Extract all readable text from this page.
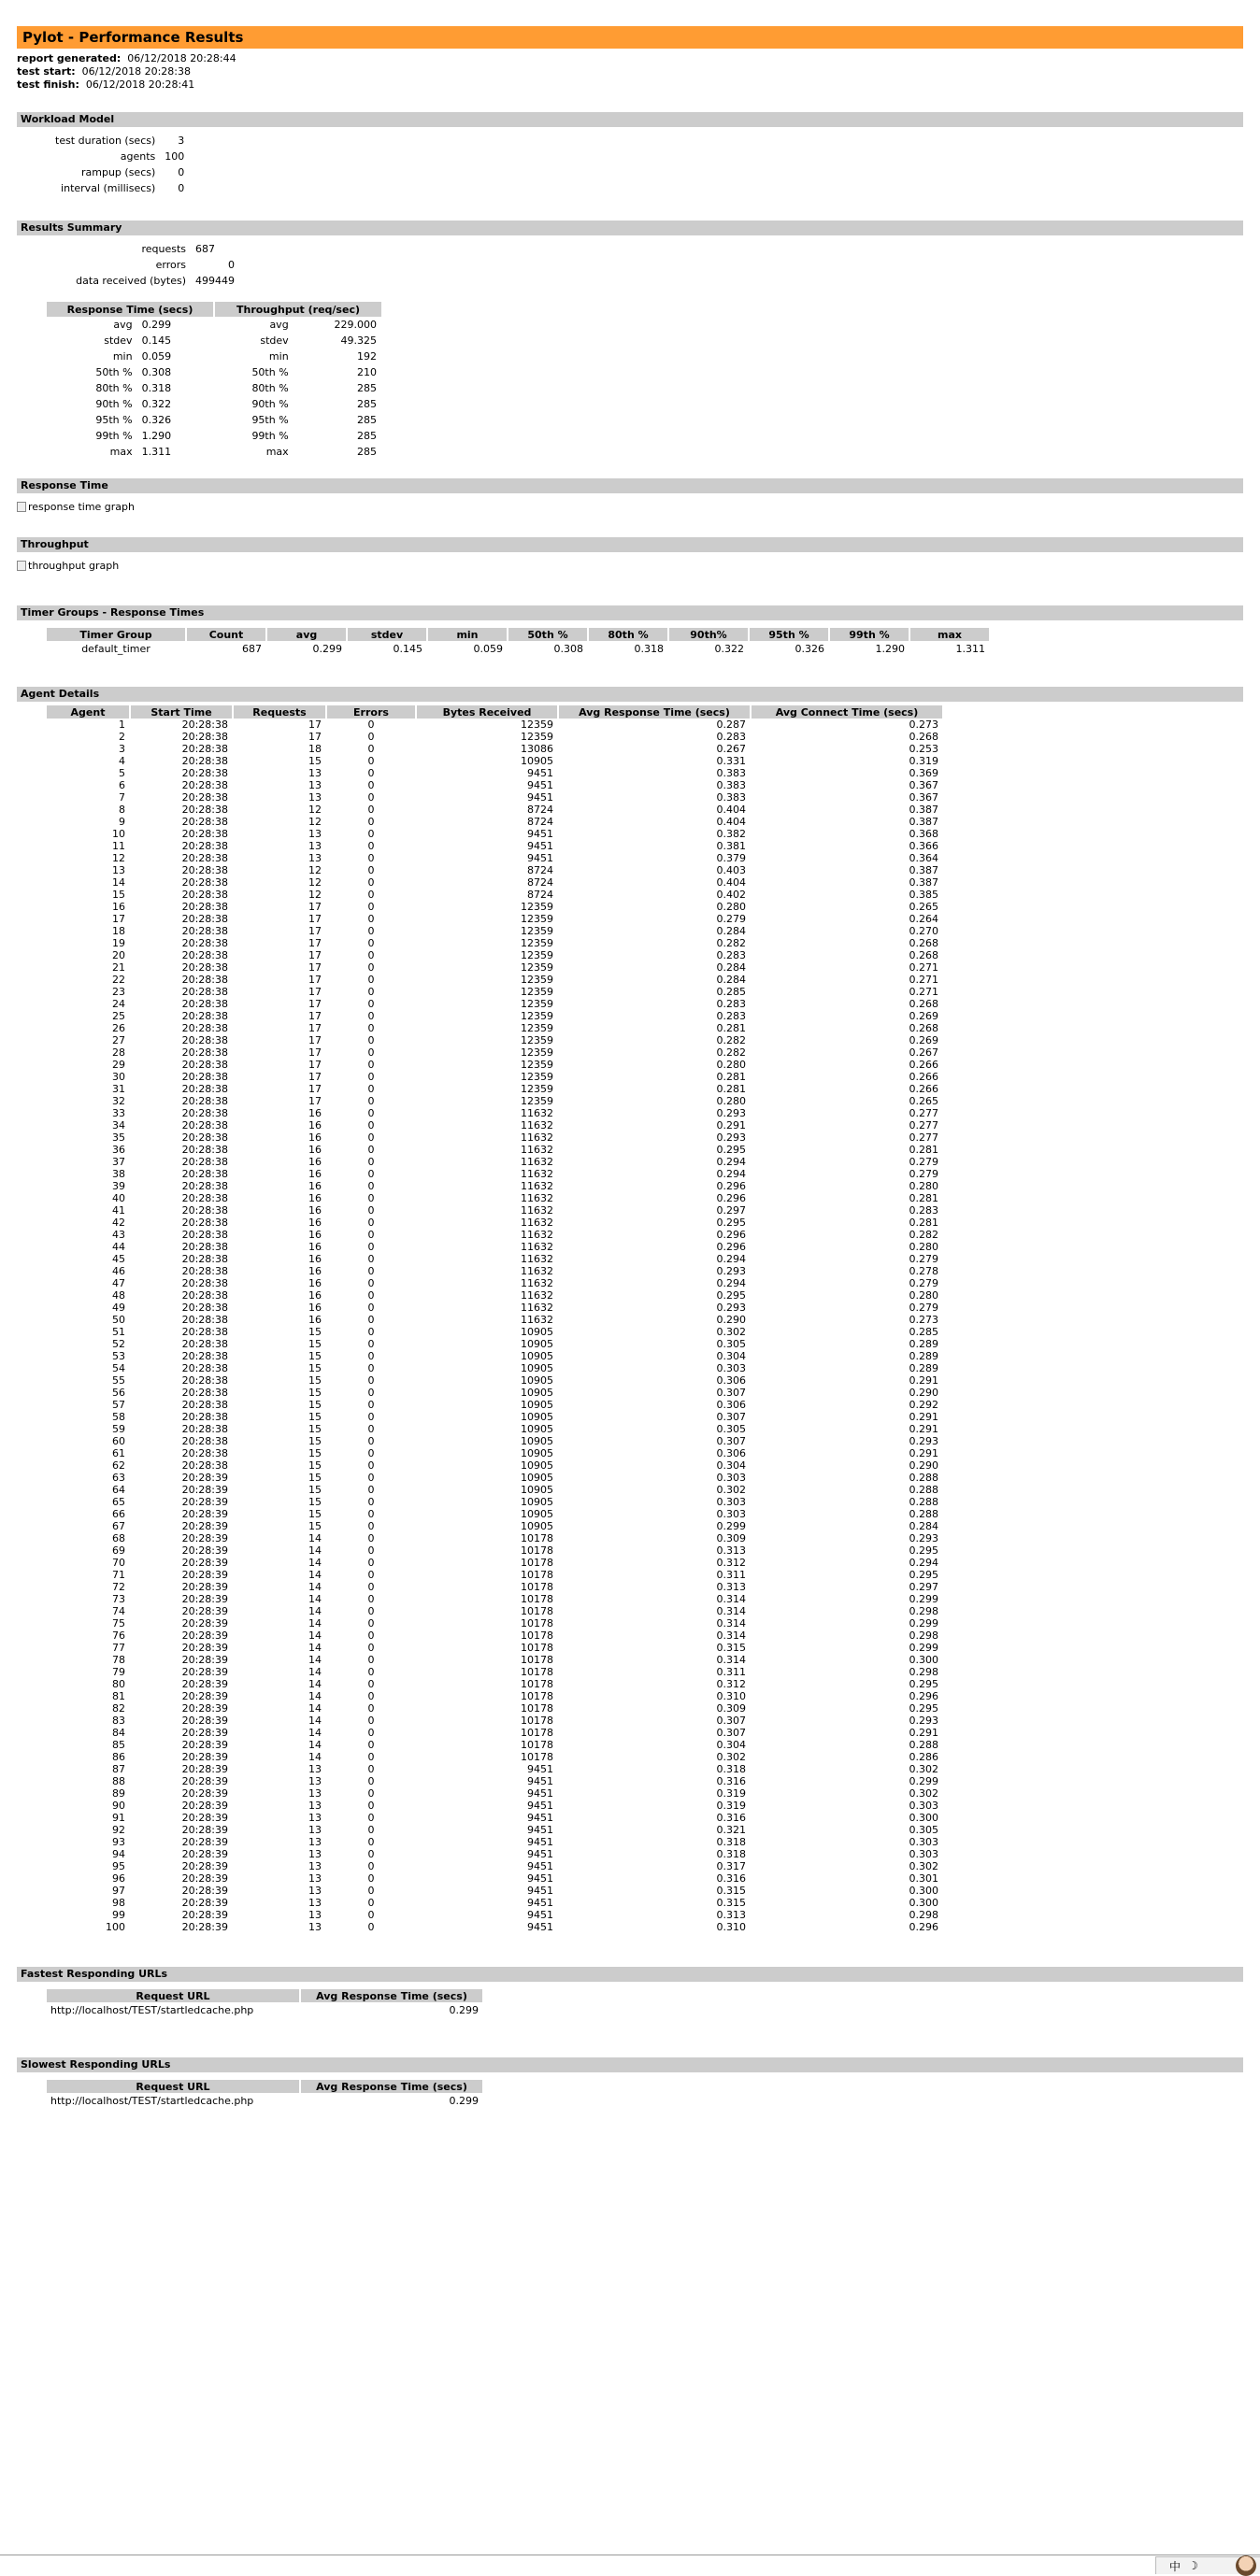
Pylot - Performance Results
report generated: 06/12/2018 20:28:44
test start: 06/12/2018 20:28:38
test finish: 06/12/2018 20:28:41
Workload Model
test duration (secs)	3
agents	100
rampup (secs)	0
interval (millisecs)	0
Results Summary
requests	687
errors	0
data received (bytes)	499449
Response Time (secs)			Throughput (req/sec)	
avg	0.299		avg	229.000
stdev	0.145		stdev	49.325
min	0.059		min	192
50th %	0.308		50th %	210
80th %	0.318		80th %	285
90th %	0.322		90th %	285
95th %	0.326		95th %	285
99th %	1.290		99th %	285
max	1.311		max	285
Response Time
response time graph
Throughput
throughput graph
Timer Groups - Response Times
Timer Group	Count	avg	stdev	min	50th %	80th %	90th%	95th %	99th %	max
default_timer	687	0.299	0.145	0.059	0.308	0.318	0.322	0.326	1.290	1.311
Agent Details
Agent	Start Time	Requests	Errors	Bytes Received	Avg Response Time (secs)	Avg Connect Time (secs)
1	20:28:38	17	0	12359	0.287	0.273
2	20:28:38	17	0	12359	0.283	0.268
3	20:28:38	18	0	13086	0.267	0.253
4	20:28:38	15	0	10905	0.331	0.319
5	20:28:38	13	0	9451	0.383	0.369
6	20:28:38	13	0	9451	0.383	0.367
7	20:28:38	13	0	9451	0.383	0.367
8	20:28:38	12	0	8724	0.404	0.387
9	20:28:38	12	0	8724	0.404	0.387
10	20:28:38	13	0	9451	0.382	0.368
11	20:28:38	13	0	9451	0.381	0.366
12	20:28:38	13	0	9451	0.379	0.364
13	20:28:38	12	0	8724	0.403	0.387
14	20:28:38	12	0	8724	0.404	0.387
15	20:28:38	12	0	8724	0.402	0.385
16	20:28:38	17	0	12359	0.280	0.265
17	20:28:38	17	0	12359	0.279	0.264
18	20:28:38	17	0	12359	0.284	0.270
19	20:28:38	17	0	12359	0.282	0.268
20	20:28:38	17	0	12359	0.283	0.268
21	20:28:38	17	0	12359	0.284	0.271
22	20:28:38	17	0	12359	0.284	0.271
23	20:28:38	17	0	12359	0.285	0.271
24	20:28:38	17	0	12359	0.283	0.268
25	20:28:38	17	0	12359	0.283	0.269
26	20:28:38	17	0	12359	0.281	0.268
27	20:28:38	17	0	12359	0.282	0.269
28	20:28:38	17	0	12359	0.282	0.267
29	20:28:38	17	0	12359	0.280	0.266
30	20:28:38	17	0	12359	0.281	0.266
31	20:28:38	17	0	12359	0.281	0.266
32	20:28:38	17	0	12359	0.280	0.265
33	20:28:38	16	0	11632	0.293	0.277
34	20:28:38	16	0	11632	0.291	0.277
35	20:28:38	16	0	11632	0.293	0.277
36	20:28:38	16	0	11632	0.295	0.281
37	20:28:38	16	0	11632	0.294	0.279
38	20:28:38	16	0	11632	0.294	0.279
39	20:28:38	16	0	11632	0.296	0.280
40	20:28:38	16	0	11632	0.296	0.281
41	20:28:38	16	0	11632	0.297	0.283
42	20:28:38	16	0	11632	0.295	0.281
43	20:28:38	16	0	11632	0.296	0.282
44	20:28:38	16	0	11632	0.296	0.280
45	20:28:38	16	0	11632	0.294	0.279
46	20:28:38	16	0	11632	0.293	0.278
47	20:28:38	16	0	11632	0.294	0.279
48	20:28:38	16	0	11632	0.295	0.280
49	20:28:38	16	0	11632	0.293	0.279
50	20:28:38	16	0	11632	0.290	0.273
51	20:28:38	15	0	10905	0.302	0.285
52	20:28:38	15	0	10905	0.305	0.289
53	20:28:38	15	0	10905	0.304	0.289
54	20:28:38	15	0	10905	0.303	0.289
55	20:28:38	15	0	10905	0.306	0.291
56	20:28:38	15	0	10905	0.307	0.290
57	20:28:38	15	0	10905	0.306	0.292
58	20:28:38	15	0	10905	0.307	0.291
59	20:28:38	15	0	10905	0.305	0.291
60	20:28:38	15	0	10905	0.307	0.293
61	20:28:38	15	0	10905	0.306	0.291
62	20:28:38	15	0	10905	0.304	0.290
63	20:28:39	15	0	10905	0.303	0.288
64	20:28:39	15	0	10905	0.302	0.288
65	20:28:39	15	0	10905	0.303	0.288
66	20:28:39	15	0	10905	0.303	0.288
67	20:28:39	15	0	10905	0.299	0.284
68	20:28:39	14	0	10178	0.309	0.293
69	20:28:39	14	0	10178	0.313	0.295
70	20:28:39	14	0	10178	0.312	0.294
71	20:28:39	14	0	10178	0.311	0.295
72	20:28:39	14	0	10178	0.313	0.297
73	20:28:39	14	0	10178	0.314	0.299
74	20:28:39	14	0	10178	0.314	0.298
75	20:28:39	14	0	10178	0.314	0.299
76	20:28:39	14	0	10178	0.314	0.298
77	20:28:39	14	0	10178	0.315	0.299
78	20:28:39	14	0	10178	0.314	0.300
79	20:28:39	14	0	10178	0.311	0.298
80	20:28:39	14	0	10178	0.312	0.295
81	20:28:39	14	0	10178	0.310	0.296
82	20:28:39	14	0	10178	0.309	0.295
83	20:28:39	14	0	10178	0.307	0.293
84	20:28:39	14	0	10178	0.307	0.291
85	20:28:39	14	0	10178	0.304	0.288
86	20:28:39	14	0	10178	0.302	0.286
87	20:28:39	13	0	9451	0.318	0.302
88	20:28:39	13	0	9451	0.316	0.299
89	20:28:39	13	0	9451	0.319	0.302
90	20:28:39	13	0	9451	0.319	0.303
91	20:28:39	13	0	9451	0.316	0.300
92	20:28:39	13	0	9451	0.321	0.305
93	20:28:39	13	0	9451	0.318	0.303
94	20:28:39	13	0	9451	0.318	0.303
95	20:28:39	13	0	9451	0.317	0.302
96	20:28:39	13	0	9451	0.316	0.301
97	20:28:39	13	0	9451	0.315	0.300
98	20:28:39	13	0	9451	0.315	0.300
99	20:28:39	13	0	9451	0.313	0.298
100	20:28:39	13	0	9451	0.310	0.296
Fastest Responding URLs
Request URL	Avg Response Time (secs)
http://localhost/TEST/startledcache.php	0.299
Slowest Responding URLs
Request URL	Avg Response Time (secs)
http://localhost/TEST/startledcache.php	0.299
中 ☽
